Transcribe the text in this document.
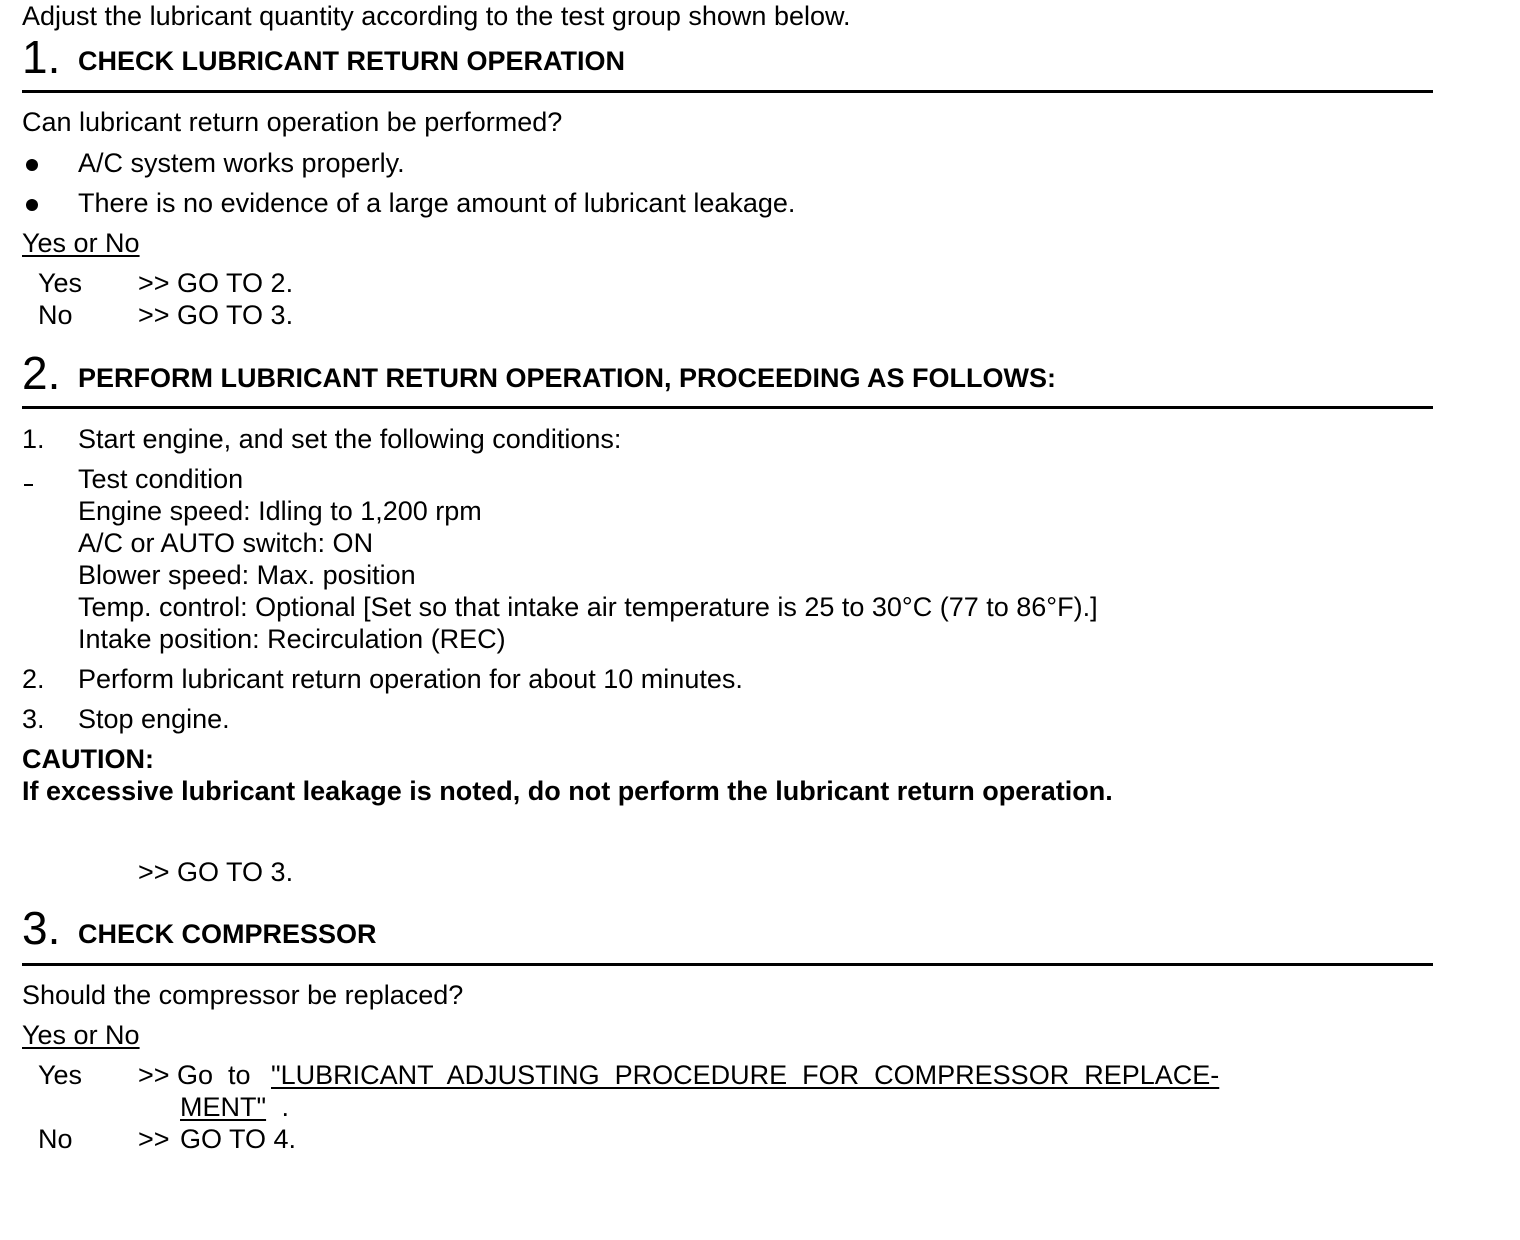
Adjust the lubricant quantity according to the test group shown below.
1. CHECK LUBRICANT RETURN OPERATION
Can lubricant return operation be performed?
A/C system works properly.
There is no evidence of a large amount of lubricant leakage.
Yes or No
Yes >> GO TO 2.
No >> GO TO 3.
2. PERFORM LUBRICANT RETURN OPERATION, PROCEEDING AS FOLLOWS:
1. Start engine, and set the following conditions:
Test condition
Engine speed: Idling to 1,200 rpm
A/C or AUTO switch: ON
Blower speed: Max. position
Temp. control: Optional [Set so that intake air temperature is 25 to 30°C (77 to 86°F).]
Intake position: Recirculation (REC)
2. Perform lubricant return operation for about 10 minutes.
3. Stop engine.
CAUTION:
If excessive lubricant leakage is noted, do not perform the lubricant return operation.
>> GO TO 3.
3. CHECK COMPRESSOR
Should the compressor be replaced?
Yes or No
Yes >> Go  to "LUBRICANT  ADJUSTING  PROCEDURE  FOR  COMPRESSOR  REPLACE-
MENT" .
No >> GO TO 4.
